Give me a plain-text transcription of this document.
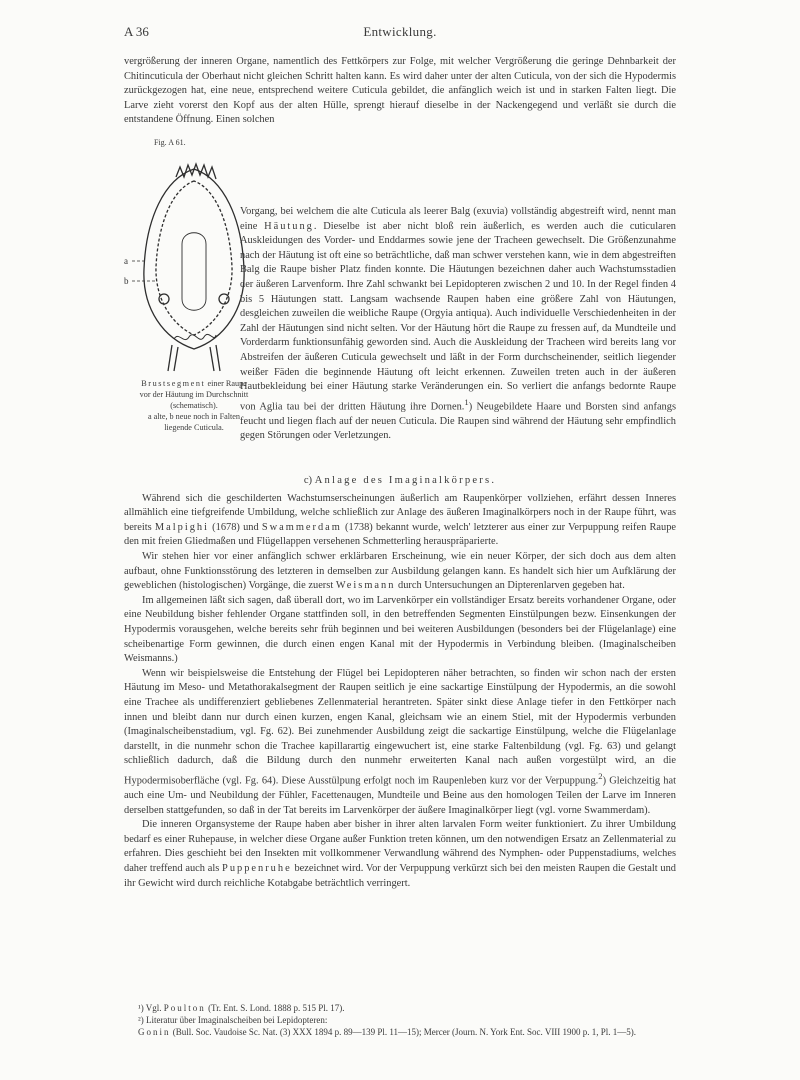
A 36	Entwicklung.

vergrößerung der inneren Organe, namentlich des Fettkörpers zur Folge, mit welcher Vergrößerung die geringe Dehnbarkeit der Chitincuticula der Oberhaut nicht gleichen Schritt halten kann. Es wird daher unter der alten Cuticula, von der sich die Hypodermis zurückgezogen hat, eine neue, entsprechend weitere Cuticula gebildet, die anfänglich weich ist und in starken Falten liegt. Die Larve zieht vorerst den Kopf aus der alten Hülle, sprengt hierauf dieselbe in der Nackengegend und verläßt sie durch die entstandene Öffnung. Einen solchen

Fig. A 61.
a
b
Brustsegment einer Raupe
vor der Häutung im Durchschnitt
(schematisch).
a alte, b neue noch in Falten
liegende Cuticula.

Vorgang, bei welchem die alte Cuticula als leerer Balg (exuvia) vollständig abgestreift wird, nennt man eine Häutung. Dieselbe ist aber nicht bloß rein äußerlich, es werden auch die cuticularen Auskleidungen des Vorder- und Enddarmes sowie jene der Tracheen gewechselt. Die Größenzunahme nach der Häutung ist oft eine so beträchtliche, daß man schwer verstehen kann, wie in dem abgestreiften Balg die Raupe bisher Platz finden konnte. Die Häutungen bezeichnen daher auch Wachstumsstadien der äußeren Larvenform. Ihre Zahl schwankt bei Lepidopteren zwischen 2 und 10. In der Regel finden 4 bis 5 Häutungen statt. Langsam wachsende Raupen haben eine größere Zahl von Häutungen, desgleichen zuweilen die weibliche Raupe (Orgyia antiqua). Auch individuelle Verschiedenheiten in der Zahl der Häutungen sind nicht selten. Vor der Häutung hört die Raupe zu fressen auf, da Mundteile und Vorderdarm funktionsunfähig geworden sind. Auch die Auskleidung der Tracheen wird bereits lang vor Abstreifen der äußeren Cuticula gewechselt und läßt in der Form durchscheinender, seitlich liegender weißer Fäden die beginnende Häutung oft leicht erkennen. Zuweilen treten auch in der äußeren Hautbekleidung bei einer Häutung starke Veränderungen ein. So verliert die anfangs bedornte Raupe von Aglia tau bei der dritten Häutung ihre Dornen.$^1$) Neugebildete Haare und Borsten sind anfangs feucht und liegen flach auf der neuen Cuticula. Die Raupen sind während der Häutung sehr empfindlich gegen Störungen oder Verletzungen.

c) Anlage des Imaginalkörpers.

Während sich die geschilderten Wachstumserscheinungen äußerlich am Raupenkörper vollziehen, erfährt dessen Inneres allmählich eine tiefgreifende Umbildung, welche schließlich zur Anlage des äußeren Imaginalkörpers noch in der Raupe führt, was bereits Malpighi (1678) und Swammerdam (1738) bekannt wurde, welch' letzterer aus einer zur Verpuppung reifen Raupe den mit freien Gliedmaßen und Flügellappen versehenen Schmetterling herauspräparierte.

Wir stehen hier vor einer anfänglich schwer erklärbaren Erscheinung, wie ein neuer Körper, der sich doch aus dem alten aufbaut, ohne Funktionsstörung des letzteren in demselben zur Ausbildung gelangen kann. Es handelt sich hier um Aufklärung der geweblichen (histologischen) Vorgänge, die zuerst Weismann durch Untersuchungen an Dipterenlarven gegeben hat.

Im allgemeinen läßt sich sagen, daß überall dort, wo im Larvenkörper ein vollständiger Ersatz bereits vorhandener Organe, oder eine Neubildung bisher fehlender Organe stattfinden soll, in den betreffenden Segmenten Einstülpungen bezw. Einsenkungen der Hypodermis vorausgehen, welche bereits sehr früh beginnen und bei weiteren Ausbildungen (besonders bei der Flügelanlage) eine scheibenartige Form gewinnen, die durch einen engen Kanal mit der Hypodermis in Verbindung bleiben. (Imaginalscheiben Weismanns.)

Wenn wir beispielsweise die Entstehung der Flügel bei Lepidopteren näher betrachten, so finden wir schon nach der ersten Häutung im Meso- und Metathorakalsegment der Raupen seitlich je eine sackartige Einstülpung der Hypodermis, an die sowohl eine Trachee als undifferenziert gebliebenes Zellenmaterial herantreten. Später sinkt diese Anlage tiefer in den Fettkörper nach innen und bleibt dann nur durch einen kurzen, engen Kanal, gleichsam wie an einem Stiel, mit der Hypodermis verbunden (Imaginalscheibenstadium, vgl. Fg. 62). Bei zunehmender Ausbildung zeigt die sackartige Einstülpung, welche die Flügelanlage darstellt, in die nunmehr schon die Trachee kapillarartig eingewuchert ist, eine starke Faltenbildung (vgl. Fg. 63) und gelangt schließlich dadurch, daß die Bildung durch den nunmehr erweiterten Kanal nach außen vorgestülpt wird, an die Hypodermisoberfläche (vgl. Fg. 64). Diese Ausstülpung erfolgt noch im Raupenleben kurz vor der Verpuppung.$^2$) Gleichzeitig hat auch eine Um- und Neubildung der Fühler, Facettenaugen, Mundteile und Beine aus den homologen Teilen der Larve im Inneren derselben stattgefunden, so daß in der Tat bereits im Larvenkörper der äußere Imaginalkörper liegt (vgl. vorne Swammerdam).

Die inneren Organsysteme der Raupe haben aber bisher in ihrer alten larvalen Form weiter funktioniert. Zu ihrer Umbildung bedarf es einer Ruhepause, in welcher diese Organe außer Funktion treten können, um den notwendigen Ersatz an Zellenmaterial zu erfahren. Dies geschieht bei den Insekten mit vollkommener Verwandlung während des Nymphen- oder Puppenstadiums, welches daher treffend auch als Puppenruhe bezeichnet wird. Vor der Verpuppung verkürzt sich bei den meisten Raupen die Gestalt und ihr Gewicht wird durch reichliche Kotabgabe beträchtlich verringert.

¹) Vgl. Poulton (Tr. Ent. S. Lond. 1888 p. 515 Pl. 17).

²) Literatur über Imaginalscheiben bei Lepidopteren:

Gonin (Bull. Soc. Vaudoise Sc. Nat. (3) XXX 1894 p. 89—139 Pl. 11—15); Mercer (Journ. N. York Ent. Soc. VIII 1900 p. 1, Pl. 1—5).
